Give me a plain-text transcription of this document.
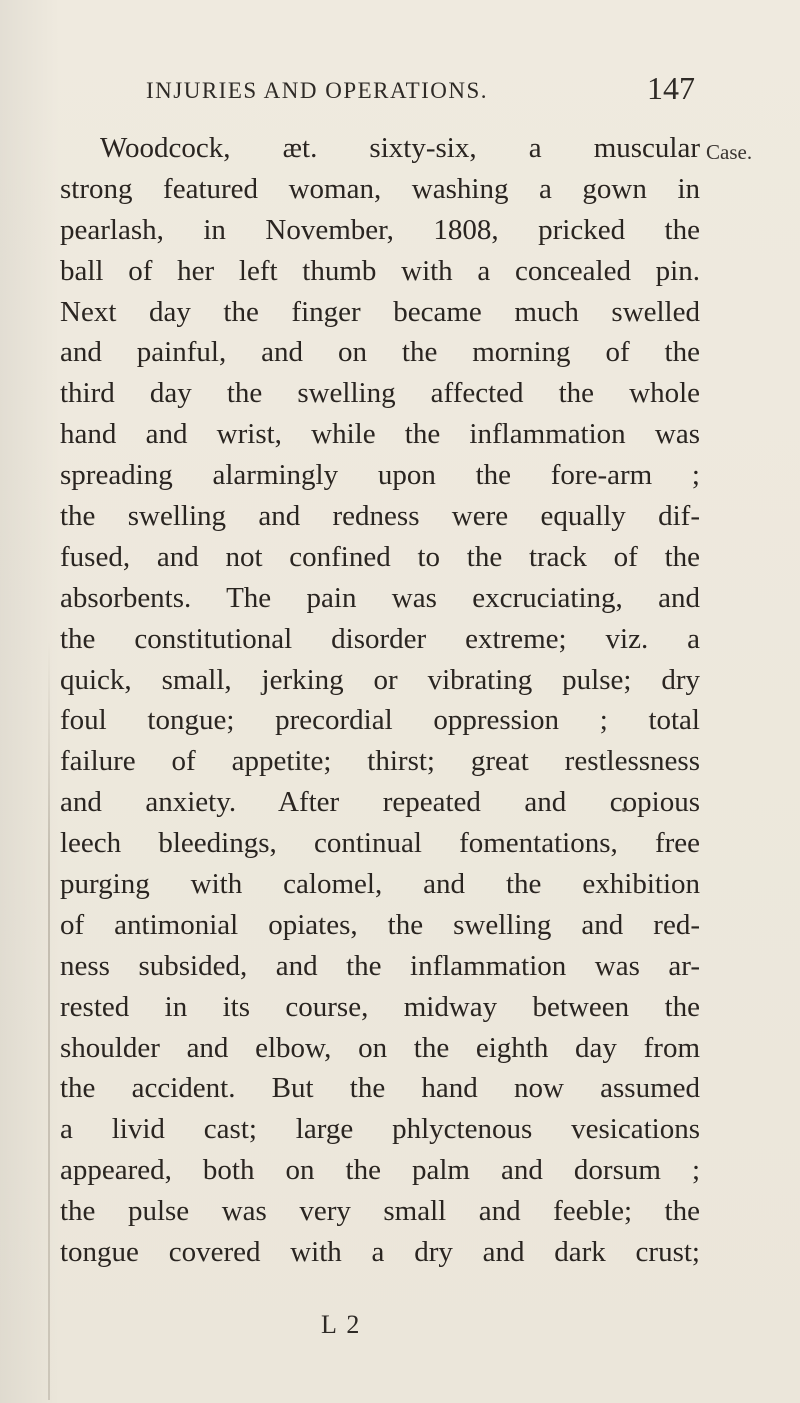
INJURIES AND OPERATIONS.	147
Case.
Woodcock, æt. sixty-six, a muscular
strong featured woman, washing a gown in
pearlash, in November, 1808, pricked the
ball of her left thumb with a concealed pin.
Next day the finger became much swelled
and painful, and on the morning of the
third day the swelling affected the whole
hand and wrist, while the inflammation was
spreading alarmingly upon the fore-arm ;
the swelling and redness were equally dif-
fused, and not confined to the track of the
absorbents. The pain was excruciating, and
the constitutional disorder extreme; viz. a
quick, small, jerking or vibrating pulse; dry
foul tongue; precordial oppression ; total
failure of appetite; thirst; great restlessness
and anxiety. After repeated and copious
leech bleedings, continual fomentations, free
purging with calomel, and the exhibition
of antimonial opiates, the swelling and red-
ness subsided, and the inflammation was ar-
rested in its course, midway between the
shoulder and elbow, on the eighth day from
the accident. But the hand now assumed
a livid cast; large phlyctenous vesications
appeared, both on the palm and dorsum ;
the pulse was very small and feeble; the
tongue covered with a dry and dark crust;
L 2
